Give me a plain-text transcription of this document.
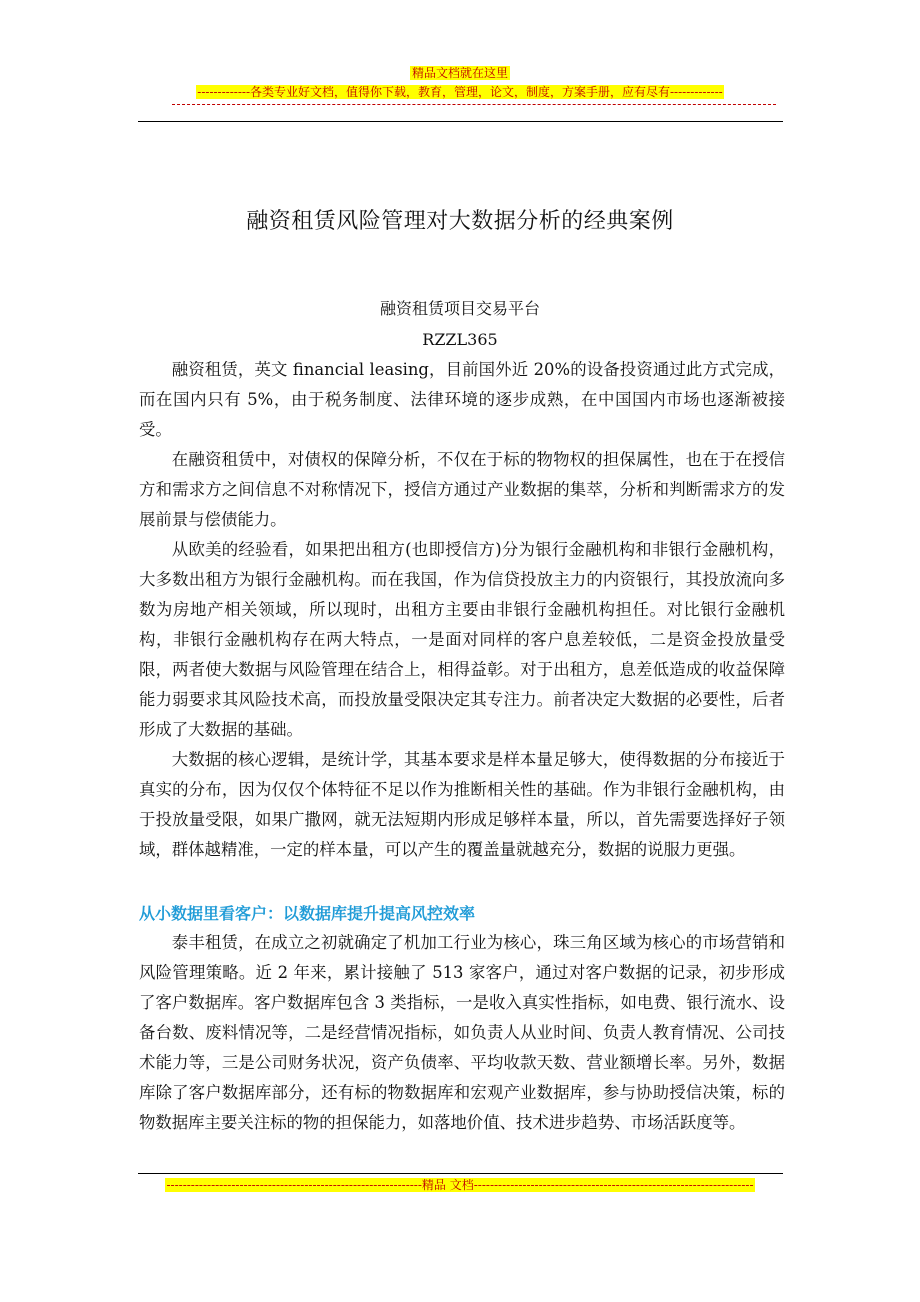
精品文档就在这里
-------------各类专业好文档，值得你下载，教育，管理，论文，制度，方案手册，应有尽有-------------
融资租赁风险管理对大数据分析的经典案例
融资租赁项目交易平台
RZZL365

融资租赁，英文 financial leasing，目前国外近 20%的设备投资通过此方式完成，而在国内只有 5%，由于税务制度、法律环境的逐步成熟，在中国国内市场也逐渐被接受。

在融资租赁中，对债权的保障分析，不仅在于标的物物权的担保属性，也在于在授信方和需求方之间信息不对称情况下，授信方通过产业数据的集萃，分析和判断需求方的发展前景与偿债能力。

从欧美的经验看，如果把出租方(也即授信方)分为银行金融机构和非银行金融机构，大多数出租方为银行金融机构。而在我国，作为信贷投放主力的内资银行，其投放流向多数为房地产相关领域，所以现时，出租方主要由非银行金融机构担任。对比银行金融机构，非银行金融机构存在两大特点，一是面对同样的客户息差较低，二是资金投放量受限，两者使大数据与风险管理在结合上，相得益彰。对于出租方，息差低造成的收益保障能力弱要求其风险技术高，而投放量受限决定其专注力。前者决定大数据的必要性，后者形成了大数据的基础。

大数据的核心逻辑，是统计学，其基本要求是样本量足够大，使得数据的分布接近于真实的分布，因为仅仅个体特征不足以作为推断相关性的基础。作为非银行金融机构，由于投放量受限，如果广撒网，就无法短期内形成足够样本量，所以，首先需要选择好子领域，群体越精准，一定的样本量，可以产生的覆盖量就越充分，数据的说服力更强。

从小数据里看客户：以数据库提升提高风控效率

泰丰租赁，在成立之初就确定了机加工行业为核心，珠三角区域为核心的市场营销和风险管理策略。近 2 年来，累计接触了 513 家客户，通过对客户数据的记录，初步形成了客户数据库。客户数据库包含 3 类指标，一是收入真实性指标，如电费、银行流水、设备台数、废料情况等，二是经营情况指标，如负责人从业时间、负责人教育情况、公司技术能力等，三是公司财务状况，资产负债率、平均收款天数、营业额增长率。另外，数据库除了客户数据库部分，还有标的物数据库和宏观产业数据库，参与协助授信决策，标的物数据库主要关注标的物的担保能力，如落地价值、技术进步趋势、市场活跃度等。

---------------------------------------------------------------精品 文档---------------------------------------------------------------------
